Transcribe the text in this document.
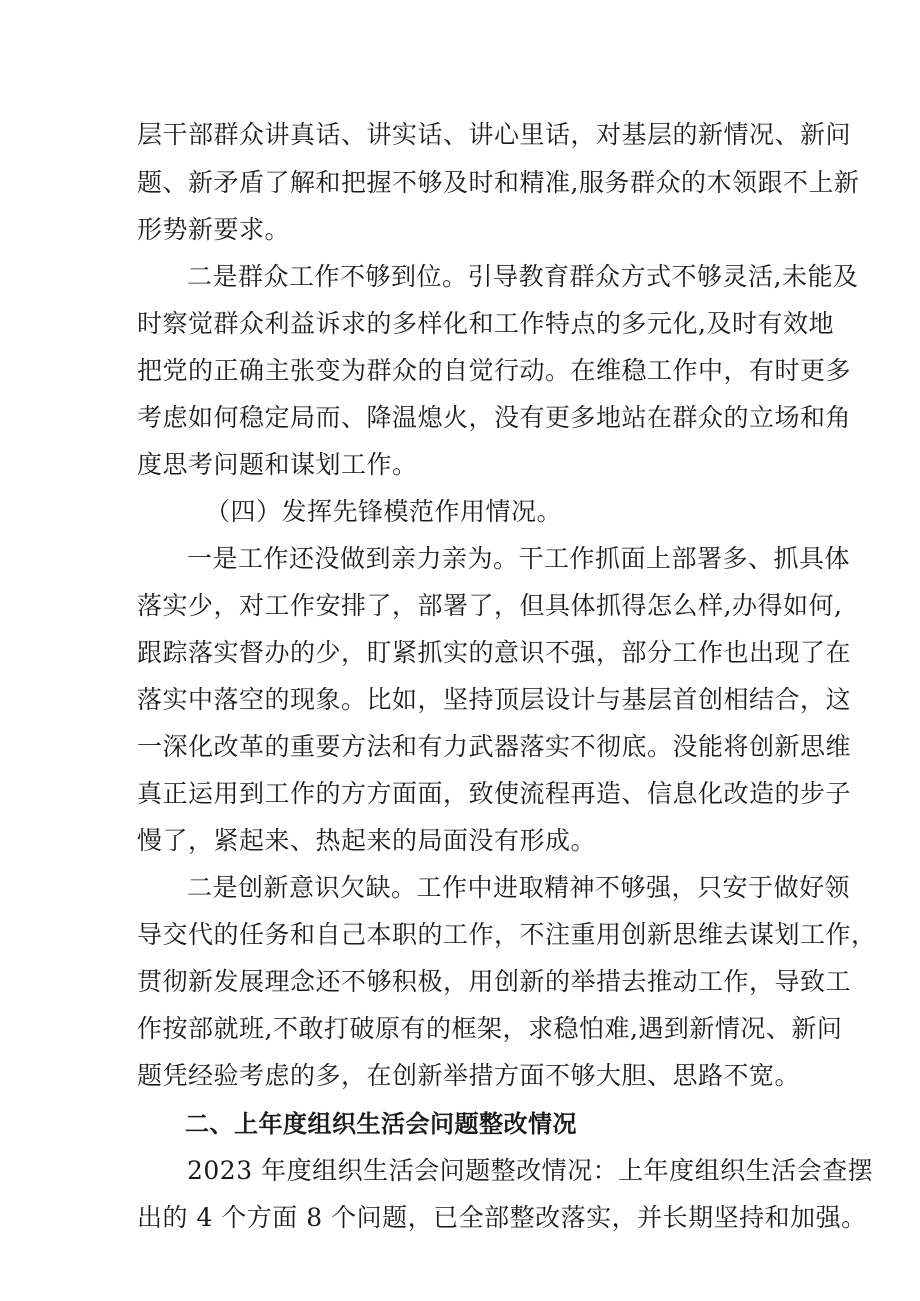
层干部群众讲真话、讲实话、讲心里话，对基层的新情况、新问
题、新矛盾了解和把握不够及时和精准,服务群众的木领跟不上新
形势新要求。
二是群众工作不够到位。引导教育群众方式不够灵活,未能及
时察觉群众利益诉求的多样化和工作特点的多元化,及时有效地
把党的正确主张变为群众的自觉行动。在维稳工作中，有时更多
考虑如何稳定局而、降温熄火，没有更多地站在群众的立场和角
度思考问题和谋划工作。
（四）发挥先锋模范作用情况。
一是工作还没做到亲力亲为。干工作抓面上部署多、抓具体
落实少，对工作安排了，部署了，但具体抓得怎么样,办得如何,
跟踪落实督办的少，盯紧抓实的意识不强，部分工作也出现了在
落实中落空的现象。比如，坚持顶层设计与基层首创相结合，这
一深化改革的重要方法和有力武器落实不彻底。没能将创新思维
真正运用到工作的方方面面，致使流程再造、信息化改造的步子
慢了，紧起来、热起来的局面没有形成。
二是创新意识欠缺。工作中进取精神不够强，只安于做好领
导交代的任务和自己本职的工作，不注重用创新思维去谋划工作，
贯彻新发展理念还不够积极，用创新的举措去推动工作，导致工
作按部就班,不敢打破原有的框架，求稳怕难,遇到新情况、新问
题凭经验考虑的多，在创新举措方面不够大胆、思路不宽。
二、上年度组织生活会问题整改情况
2023 年度组织生活会问题整改情况：上年度组织生活会查摆
出的 4 个方面 8 个问题，已全部整改落实，并长期坚持和加强。
